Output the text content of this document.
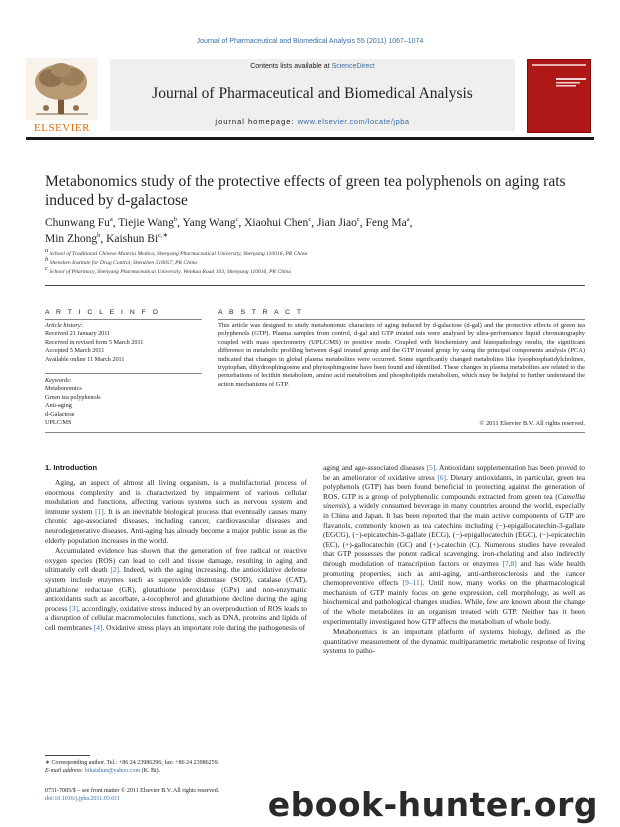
Journal of Pharmaceutical and Biomedical Analysis 55 (2011) 1067–1074
ELSEVIER
Contents lists available at ScienceDirect
Journal of Pharmaceutical and Biomedical Analysis
journal homepage: www.elsevier.com/locate/jpba
Metabonomics study of the protective effects of green tea polyphenols on aging rats induced by d-galactose
Chunwang Fu$^a$, Tiejie Wang$^b$, Yang Wang$^c$, Xiaohui Chen$^c$, Jian Jiao$^c$, Feng Ma$^a$,
Min Zhong$^b$, Kaishun $Bi^{c,∗}$
$^a$ School of Traditional Chinese Materia Medica, Shenyang Pharmaceutical University, Shenyang 110016, PR China
$^b$ Shenzhen Institute for Drug Control, Shenzhen 518057, PR China
$^c$ School of Pharmacy, Shenyang Pharmaceutical University, Wenhua Road 103, Shenyang 110016, PR China
A R T I C L E I N F O	A B S T R A C T
Article history:
Received 21 January 2011
Received in revised form 5 March 2011
Accepted 5 March 2011
Available online 11 March 2011
Keywords:
Metabonomics
Green tea polyphenols
Anti-aging
d-Galactose
UPLC/MS
This article was designed to study metabonomic characters of aging induced by d-galactose (d-gal) and the protective effects of green tea polyphenols (GTP). Plasma samples from control, d-gal and GTP treated rats were analysed by ultra-performance liquid chromatography coupled with mass spectrometry (UPLC/MS) in positive mode. Coupled with biochemistry and histopathology results, the significant difference in metabolic profiling between d-gal treated group and the GTP treated group by using the principal components analysis (PCA) indicated that changes in global plasma metabolites were occurred. Some significantly changed metabolites like lysophosphatidylcholines, tryptophan, dihydrosphingosine and phytosphingosine have been found and identified. These changes in plasma metabolites are related to the perturbations of lecithin metabolism, amino acid metabolism and phospholipids metabolism, which may be helpful to further understand the action mechanisms of GTP.
© 2011 Elsevier B.V. All rights reserved.
1. Introduction

Aging, an aspect of almost all living organism, is a multifactorial process of enormous complexity and is characterized by impairment of various cellular modulation and functions, affecting various systems such as nervous system and immune system [1]. It is an inevitable biological process that eventually causes many chronic age-associated diseases, including cancer, cardiovascular diseases and neurodegenerative diseases. Anti-aging has already become a major public issue as the elderly population increases in the world.

Accumulated evidence has shown that the generation of free radical or reactive oxygen species (ROS) can lead to cell and tissue damage, resulting in aging and ultimately cell death [2]. Indeed, with the aging increasing, the antioxidative defense system include enzymes such as superoxide dismutase (SOD), catalase (CAT), glutathione reductase (GR), glutathione peroxidase (GPx) and non-enzymatic antioxidants such as ascorbate, a-tocopherol and glutathione decline during the aging process [3], accordingly, oxidative stress induced by an overproduction of ROS leads to a disruption of cellular macromolecules functions, such as DNA, proteins and lipids of cell membranes [4]. Oxidative stress plays an important role during the pathogenesis of

aging and age-associated diseases [5]. Antioxidant supplementation has been proved to be an ameliorator of oxidative stress [6]. Dietary antioxidants, in particular, green tea polyphenols (GTP) has been found beneficial in protecting against the generation of ROS. GTP is a group of polyphenolic compounds extracted from green tea (Camellia sinensis), a widely consumed beverage in many countries around the world, especially in China and Japan. It has been reported that the main active components of GTP are flavanols, commonly known as tea catechins including (−)-epigallocatechin-3-gallate (EGCG), (−)-epicatechin-3-gallate (ECG), (−)-epigallocatechin (EGC), (−)-epicatechin (EC), (+)-gallocatechin (GC) and (+)-catechin (C). Numerous studies have revealed that GTP possesses the potent radical scavenging, iron-chelating and also indirectly through modulation of transcription factors or enzymes [7,8] and has wide health promoting properties, such as anti-aging, anti-artherosclerosis and the cancer chemopreventive effects [9–11]. Until now, many works on the pharmacological mechanism of GTP mainly focus on gene expression, cell morphology, as well as biochemical and pathological changes studies. While, few are known about the change of the whole metabolites in an organism treated with GTP. Neither has it been experimentally investigated how GTP affects the metabolism of whole body.

Metabonomics is an important platform of systems biology, defined as the quantitative measurement of the dynamic multiparametric metabolic response of living systems to patho-

∗ Corresponding author. Tel.: +86 24 23986296; fax: +86 24 23986259.
E-mail address: bikaishun@yahoo.com (K. Bi).
0731-7085/$ – see front matter © 2011 Elsevier B.V. All rights reserved.
doi:10.1016/j.jpba.2011.03.011	ebook-hunter.org
